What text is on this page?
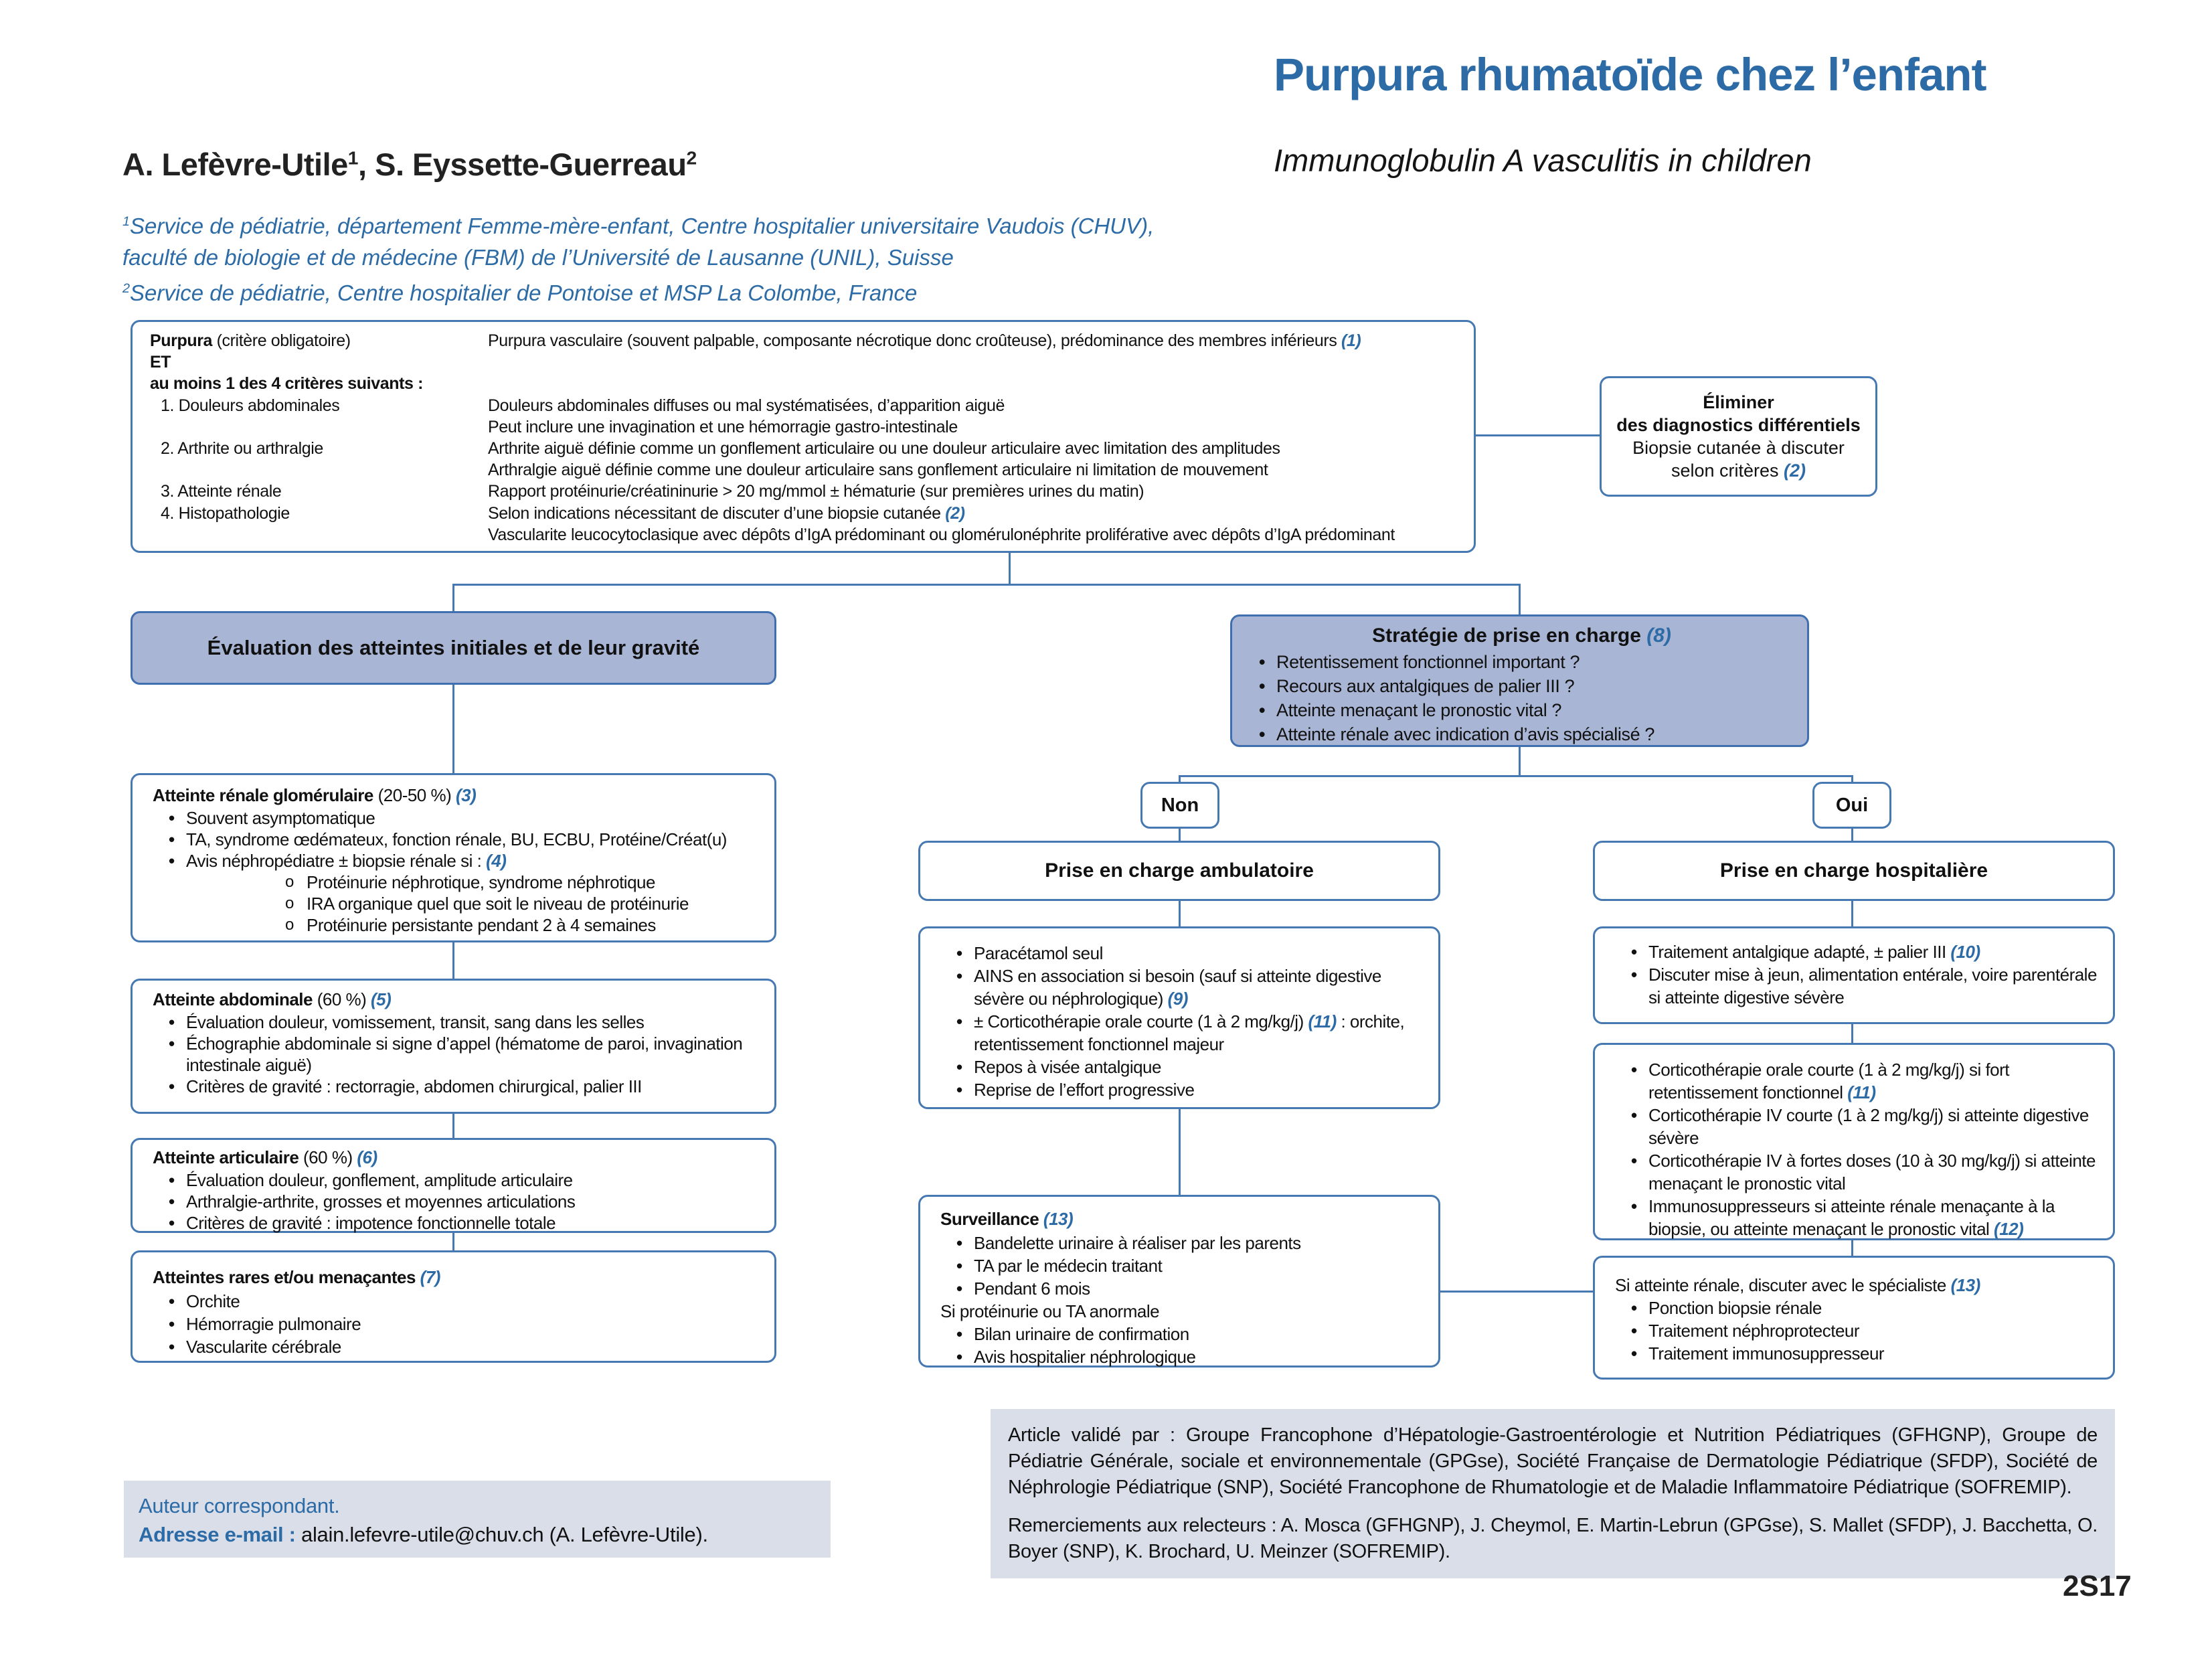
Purpura rhumatoïde chez l’enfant
Immunoglobulin A vasculitis in children
A. Lefèvre-Utile$^1$, S. Eyssette-Guerreau$^2$
$^1$Service de pédiatrie, département Femme-mère-enfant, Centre hospitalier universitaire Vaudois (CHUV),
faculté de biologie et de médecine (FBM) de l’Université de Lausanne (UNIL), Suisse
$^2$Service de pédiatrie, Centre hospitalier de Pontoise et MSP La Colombe, France
Purpura (critère obligatoire)	Purpura vasculaire (souvent palpable, composante nécrotique donc croûteuse), prédominance des membres inférieurs (1)
ET
au moins 1 des 4 critères suivants :
1. Douleurs abdominales	Douleurs abdominales diffuses ou mal systématisées, d’apparition aiguë
Peut inclure une invagination et une hémorragie gastro-intestinale
2. Arthrite ou arthralgie	Arthrite aiguë définie comme un gonflement articulaire ou une douleur articulaire avec limitation des amplitudes
Arthralgie aiguë définie comme une douleur articulaire sans gonflement articulaire ni limitation de mouvement
3. Atteinte rénale	Rapport protéinurie/créatininurie > 20 mg/mmol ± hématurie (sur premières urines du matin)
4. Histopathologie	Selon indications nécessitant de discuter d’une biopsie cutanée (2)
Vascularite leucocytoclasique avec dépôts d’IgA prédominant ou glomérulonéphrite proliférative avec dépôts d’IgA prédominant
Éliminer
des diagnostics différentiels
Biopsie cutanée à discuter
selon critères (2)
Évaluation des atteintes initiales et de leur gravité
Stratégie de prise en charge (8)
• Retentissement fonctionnel important ?
• Recours aux antalgiques de palier III ?
• Atteinte menaçant le pronostic vital ?
• Atteinte rénale avec indication d’avis spécialisé ?
Atteinte rénale glomérulaire (20-50 %) (3)
• Souvent asymptomatique
• TA, syndrome œdémateux, fonction rénale, BU, ECBU, Protéine/Créat(u)
• Avis néphropédiatre ± biopsie rénale si : (4)
o Protéinurie néphrotique, syndrome néphrotique
o IRA organique quel que soit le niveau de protéinurie
o Protéinurie persistante pendant 2 à 4 semaines
Atteinte abdominale (60 %) (5)
• Évaluation douleur, vomissement, transit, sang dans les selles
• Échographie abdominale si signe d’appel (hématome de paroi, invagination intestinale aiguë)
• Critères de gravité : rectorragie, abdomen chirurgical, palier III
Atteinte articulaire (60 %) (6)
• Évaluation douleur, gonflement, amplitude articulaire
• Arthralgie-arthrite, grosses et moyennes articulations
• Critères de gravité : impotence fonctionnelle totale
Atteintes rares et/ou menaçantes (7)
• Orchite
• Hémorragie pulmonaire
• Vascularite cérébrale
Non	Oui
Prise en charge ambulatoire	Prise en charge hospitalière
• Paracétamol seul
• AINS en association si besoin (sauf si atteinte digestive sévère ou néphrologique) (9)
• ± Corticothérapie orale courte (1 à 2 mg/kg/j) (11) : orchite, retentissement fonctionnel majeur
• Repos à visée antalgique
• Reprise de l’effort progressive
• Traitement antalgique adapté, ± palier III (10)
• Discuter mise à jeun, alimentation entérale, voire parentérale si atteinte digestive sévère
• Corticothérapie orale courte (1 à 2 mg/kg/j) si fort retentissement fonctionnel (11)
• Corticothérapie IV courte (1 à 2 mg/kg/j) si atteinte digestive sévère
• Corticothérapie IV à fortes doses (10 à 30 mg/kg/j) si atteinte menaçant le pronostic vital
• Immunosuppresseurs si atteinte rénale menaçante à la biopsie, ou atteinte menaçant le pronostic vital (12)
Surveillance (13)
• Bandelette urinaire à réaliser par les parents
• TA par le médecin traitant
• Pendant 6 mois
Si protéinurie ou TA anormale
• Bilan urinaire de confirmation
• Avis hospitalier néphrologique
Si atteinte rénale, discuter avec le spécialiste (13)
• Ponction biopsie rénale
• Traitement néphroprotecteur
• Traitement immunosuppresseur

Article validé par : Groupe Francophone d’Hépatologie-Gastroentérologie et Nutrition Pédiatriques (GFHGNP), Groupe de Pédiatrie Générale, sociale et environnementale (GPGse), Société Française de Dermatologie Pédiatrique (SFDP), Société de Néphrologie Pédiatrique (SNP), Société Francophone de Rhumatologie et de Maladie Inflammatoire Pédiatrique (SOFREMIP).

Remerciements aux relecteurs : A. Mosca (GFHGNP), J. Cheymol, E. Martin-Lebrun (GPGse), S. Mallet (SFDP), J. Bacchetta, O. Boyer (SNP), K. Brochard, U. Meinzer (SOFREMIP).

Auteur correspondant.
Adresse e-mail : alain.lefevre-utile@chuv.ch (A. Lefèvre-Utile).
2S17
